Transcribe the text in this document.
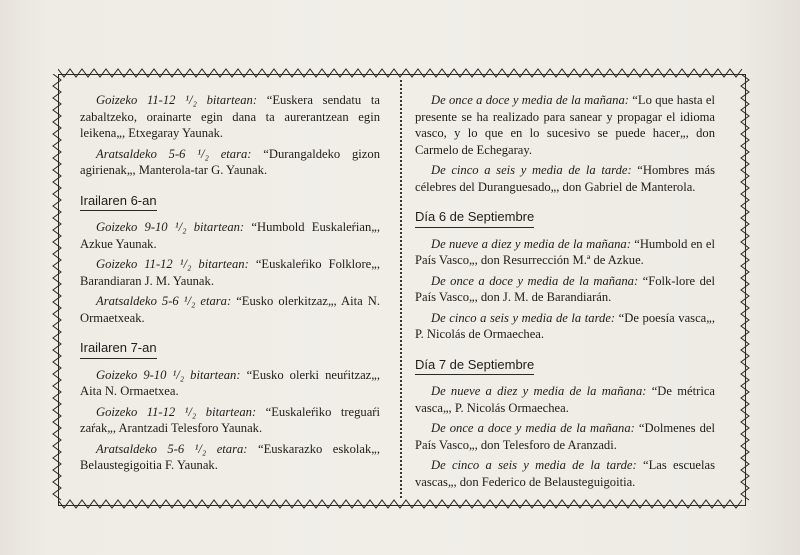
Goizeko 11-12 ¹/₂ bitartean: “Euskera sendatu ta zabaltzeko, orainarte egin dana ta aurerantzean egin leikena„, Etxegaray Yaunak.

Aratsaldeko 5-6 ¹/₂ etara: “Durangaldeko gizon agirienak„, Manterola-tar G. Yaunak.

Irailaren 6-an

Goizeko 9-10 ¹/₂ bitartean: “Humbold Euskaleŕian„, Azkue Yaunak.

Goizeko 11-12 ¹/₂ bitartean: “Euskaleŕiko Folklore„, Barandiaran J. M. Yaunak.

Aratsaldeko 5-6 ¹/₂ etara: “Eusko olerkitzaz„, Aita N. Ormaetxeak.

Irailaren 7-an

Goizeko 9-10 ¹/₂ bitartean: “Eusko olerki neuŕitzaz„, Aita N. Ormaetxea.

Goizeko 11-12 ¹/₂ bitartean: “Euskaleŕiko treguaŕi zaŕak„, Arantzadi Telesforo Yaunak.

Aratsaldeko 5-6 ¹/₂ etara: “Euskarazko eskolak„, Belaustegigoitia F. Yaunak.

De once a doce y media de la mañana: “Lo que hasta el presente se ha realizado para sanear y propagar el idioma vasco, y lo que en lo sucesivo se puede hacer„, don Carmelo de Echegaray.

De cinco a seis y media de la tarde: “Hombres más célebres del Duranguesado„, don Gabriel de Manterola.

Día 6 de Septiembre

De nueve a diez y media de la mañana: “Humbold en el País Vasco„, don Resurrección M.ª de Azkue.

De once a doce y media de la mañana: “Folk-lore del País Vasco„, don J. M. de Barandiarán.

De cinco a seis y media de la tarde: “De poesía vasca„, P. Nicolás de Ormaechea.

Día 7 de Septiembre

De nueve a diez y media de la mañana: “De métrica vasca„, P. Nicolás Ormaechea.

De once a doce y media de la mañana: “Dolmenes del País Vasco„, don Telesforo de Aranzadi.

De cinco a seis y media de la tarde: “Las escuelas vascas„, don Federico de Belausteguigoitia.
